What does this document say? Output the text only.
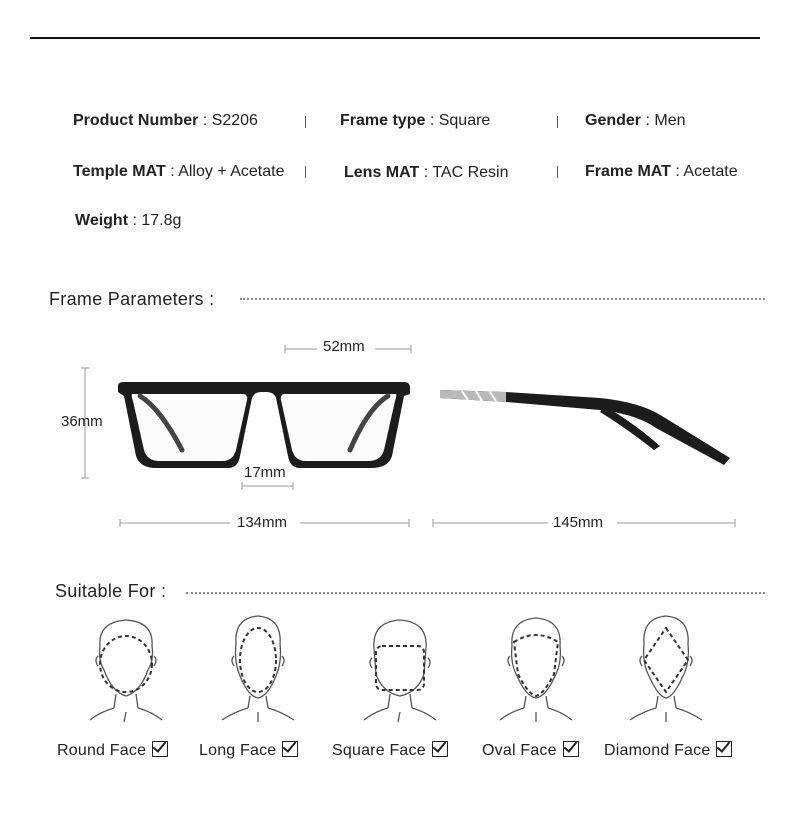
Product Number : S2206	Frame type : Square	Gender : Men
Temple MAT : Alloy + Acetate	Lens MAT : TAC Resin	Frame MAT : Acetate
Weight : 17.8g
Frame Parameters :
52mm
36mm
17mm
134mm	145mm
Suitable For :
Round Face	Long Face	Square Face	Oval Face	Diamond Face
